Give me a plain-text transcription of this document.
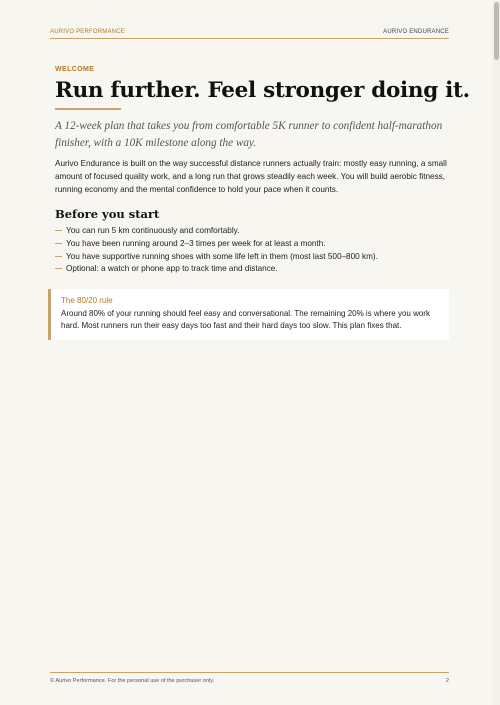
AURIVO PERFORMANCE	AURIVO ENDURANCE
WELCOME
Run further. Feel stronger doing it.

A 12-week plan that takes you from comfortable 5K runner to confident half-marathon finisher, with a 10K milestone along the way.

Aurivo Endurance is built on the way successful distance runners actually train: mostly easy running, a small amount of focused quality work, and a long run that grows steadily each week. You will build aerobic fitness, running economy and the mental confidence to hold your pace when it counts.

Before you start
You can run 5 km continuously and comfortably.
You have been running around 2–3 times per week for at least a month.
You have supportive running shoes with some life left in them (most last 500–800 km).
Optional: a watch or phone app to track time and distance.
The 80/20 rule

Around 80% of your running should feel easy and conversational. The remaining 20% is where you work hard. Most runners run their easy days too fast and their hard days too slow. This plan fixes that.

© Aurivo Performance. For the personal use of the purchaser only.	2
